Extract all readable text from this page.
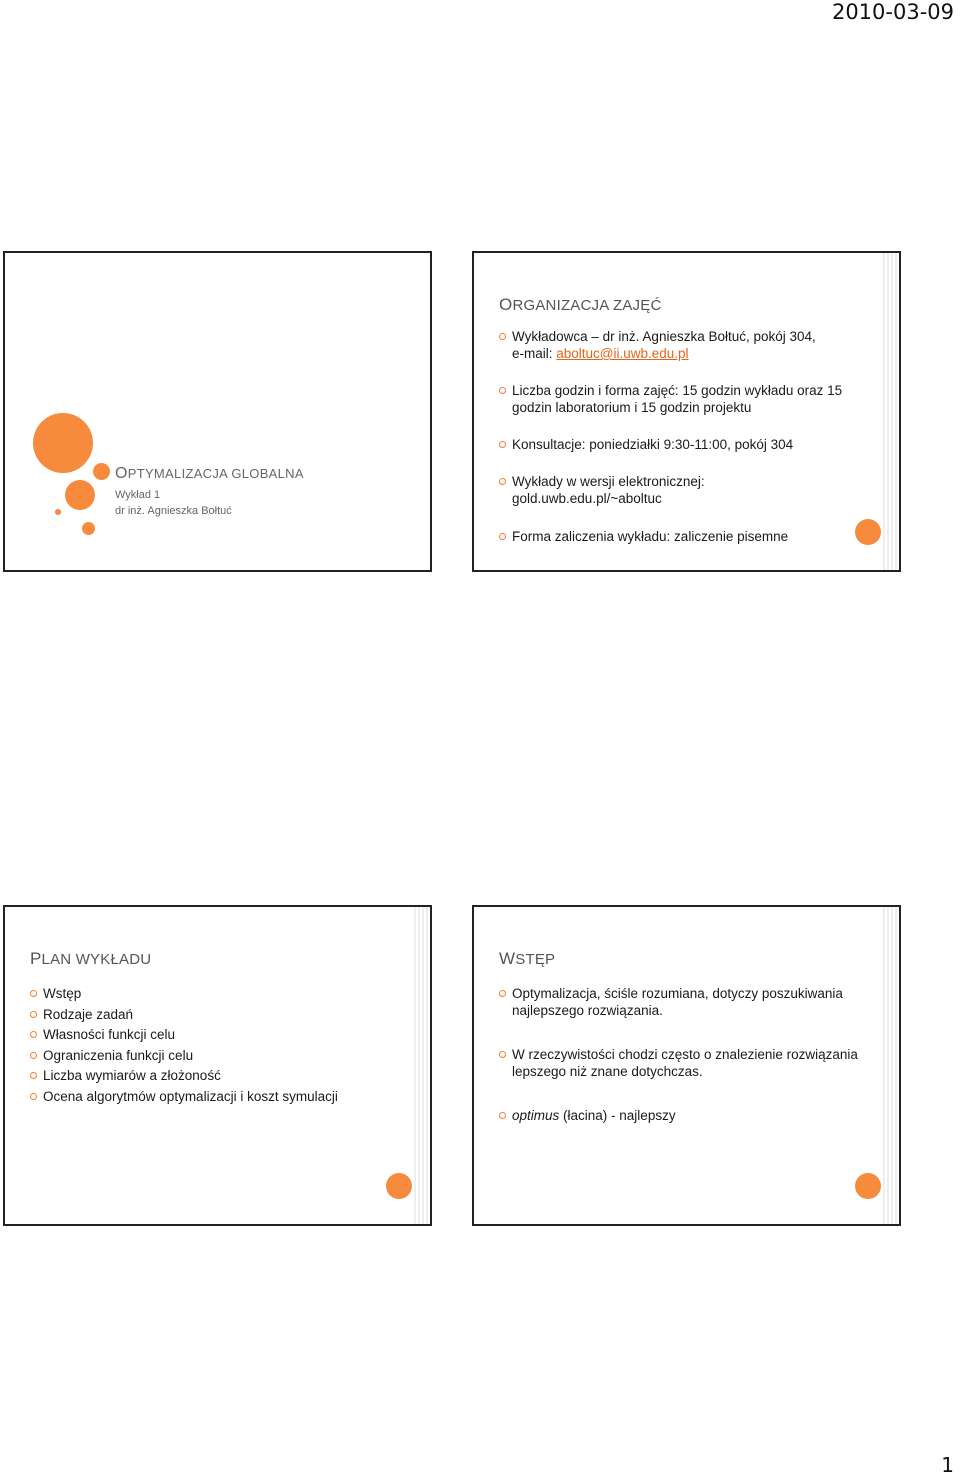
2010-03-09
OPTYMALIZACJA GLOBALNA
Wykład 1
dr inż. Agnieszka Bołtuć
ORGANIZACJA ZAJĘĆ
Wykładowca – dr inż. Agnieszka Bołtuć, pokój 304,
e-mail: aboltuc@ii.uwb.edu.pl
Liczba godzin i forma zajęć: 15 godzin wykładu oraz 15 godzin laboratorium i 15 godzin projektu
Konsultacje: poniedziałki 9:30-11:00, pokój 304
Wykłady w wersji elektronicznej: gold.uwb.edu.pl/~aboltuc
Forma zaliczenia wykładu: zaliczenie pisemne
PLAN WYKŁADU
Wstęp
Rodzaje zadań
Własności funkcji celu
Ograniczenia funkcji celu
Liczba wymiarów a złożoność
Ocena algorytmów optymalizacji i koszt symulacji
WSTĘP
Optymalizacja, ściśle rozumiana, dotyczy poszukiwania najlepszego rozwiązania.
W rzeczywistości chodzi często o znalezienie rozwiązania lepszego niż znane dotychczas.
optimus (łacina) - najlepszy
1
